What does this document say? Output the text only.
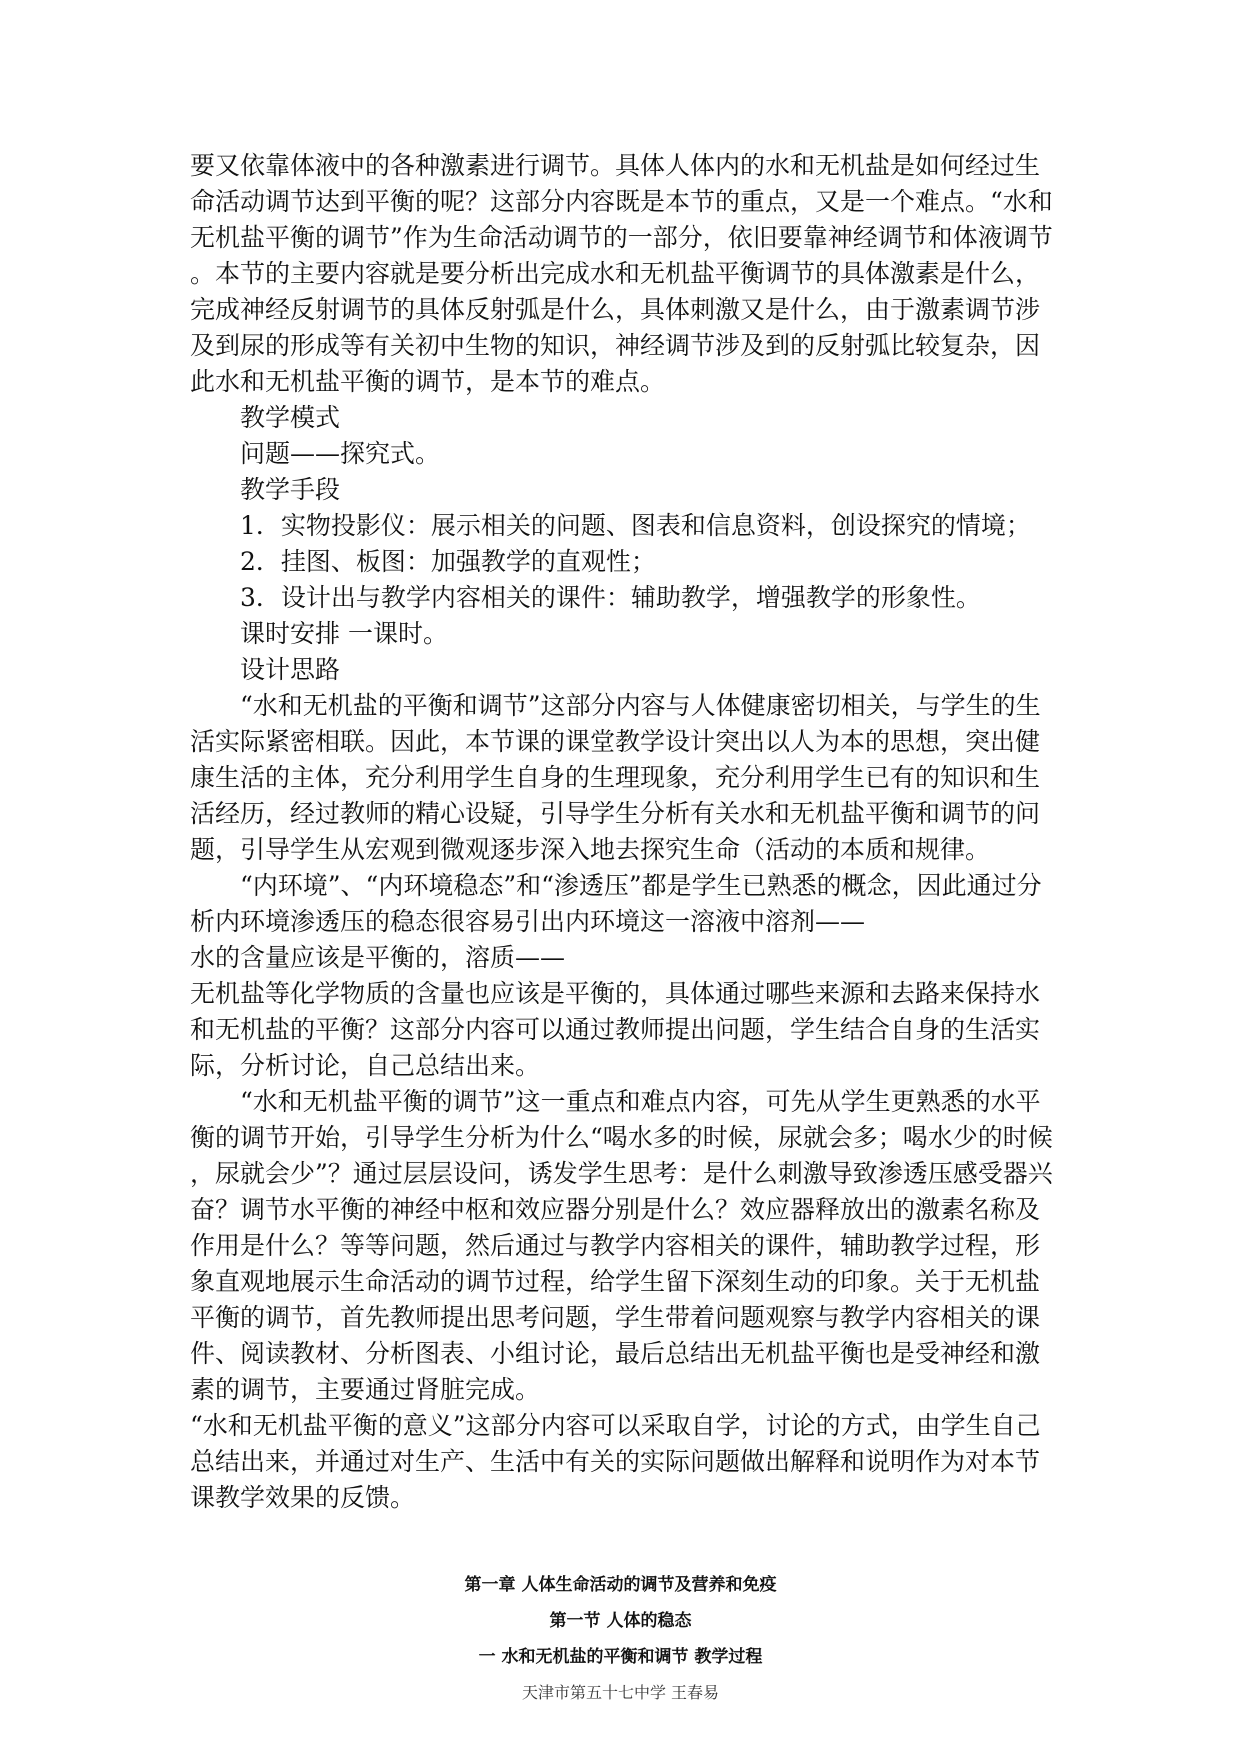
要又依靠体液中的各种激素进行调节。具体人体内的水和无机盐是如何经过生

命活动调节达到平衡的呢？这部分内容既是本节的重点，又是一个难点。“水和

无机盐平衡的调节”作为生命活动调节的一部分，依旧要靠神经调节和体液调节

。本节的主要内容就是要分析出完成水和无机盐平衡调节的具体激素是什么，

完成神经反射调节的具体反射弧是什么，具体刺激又是什么，由于激素调节涉

及到尿的形成等有关初中生物的知识，神经调节涉及到的反射弧比较复杂，因

此水和无机盐平衡的调节，是本节的难点。

教学模式

问题——探究式。

教学手段

1．实物投影仪：展示相关的问题、图表和信息资料，创设探究的情境；

2．挂图、板图：加强教学的直观性；

3．设计出与教学内容相关的课件：辅助教学，增强教学的形象性。

课时安排 一课时。

设计思路

“水和无机盐的平衡和调节”这部分内容与人体健康密切相关，与学生的生

活实际紧密相联。因此，本节课的课堂教学设计突出以人为本的思想，突出健

康生活的主体，充分利用学生自身的生理现象，充分利用学生已有的知识和生

活经历，经过教师的精心设疑，引导学生分析有关水和无机盐平衡和调节的问

题，引导学生从宏观到微观逐步深入地去探究生命（活动的本质和规律。

“内环境”、“内环境稳态”和“渗透压”都是学生已熟悉的概念，因此通过分

析内环境渗透压的稳态很容易引出内环境这一溶液中溶剂——

水的含量应该是平衡的，溶质——

无机盐等化学物质的含量也应该是平衡的，具体通过哪些来源和去路来保持水

和无机盐的平衡？这部分内容可以通过教师提出问题，学生结合自身的生活实

际，分析讨论，自己总结出来。

“水和无机盐平衡的调节”这一重点和难点内容，可先从学生更熟悉的水平

衡的调节开始，引导学生分析为什么“喝水多的时候，尿就会多；喝水少的时候

，尿就会少”？通过层层设问，诱发学生思考：是什么刺激导致渗透压感受器兴

奋？调节水平衡的神经中枢和效应器分别是什么？效应器释放出的激素名称及

作用是什么？等等问题，然后通过与教学内容相关的课件，辅助教学过程，形

象直观地展示生命活动的调节过程，给学生留下深刻生动的印象。关于无机盐

平衡的调节，首先教师提出思考问题，学生带着问题观察与教学内容相关的课

件、阅读教材、分析图表、小组讨论，最后总结出无机盐平衡也是受神经和激

素的调节，主要通过肾脏完成。

“水和无机盐平衡的意义”这部分内容可以采取自学，讨论的方式，由学生自己

总结出来，并通过对生产、生活中有关的实际问题做出解释和说明作为对本节

课教学效果的反馈。

第一章 人体生命活动的调节及营养和免疫

第一节 人体的稳态

一 水和无机盐的平衡和调节 教学过程

天津市第五十七中学 王春易
